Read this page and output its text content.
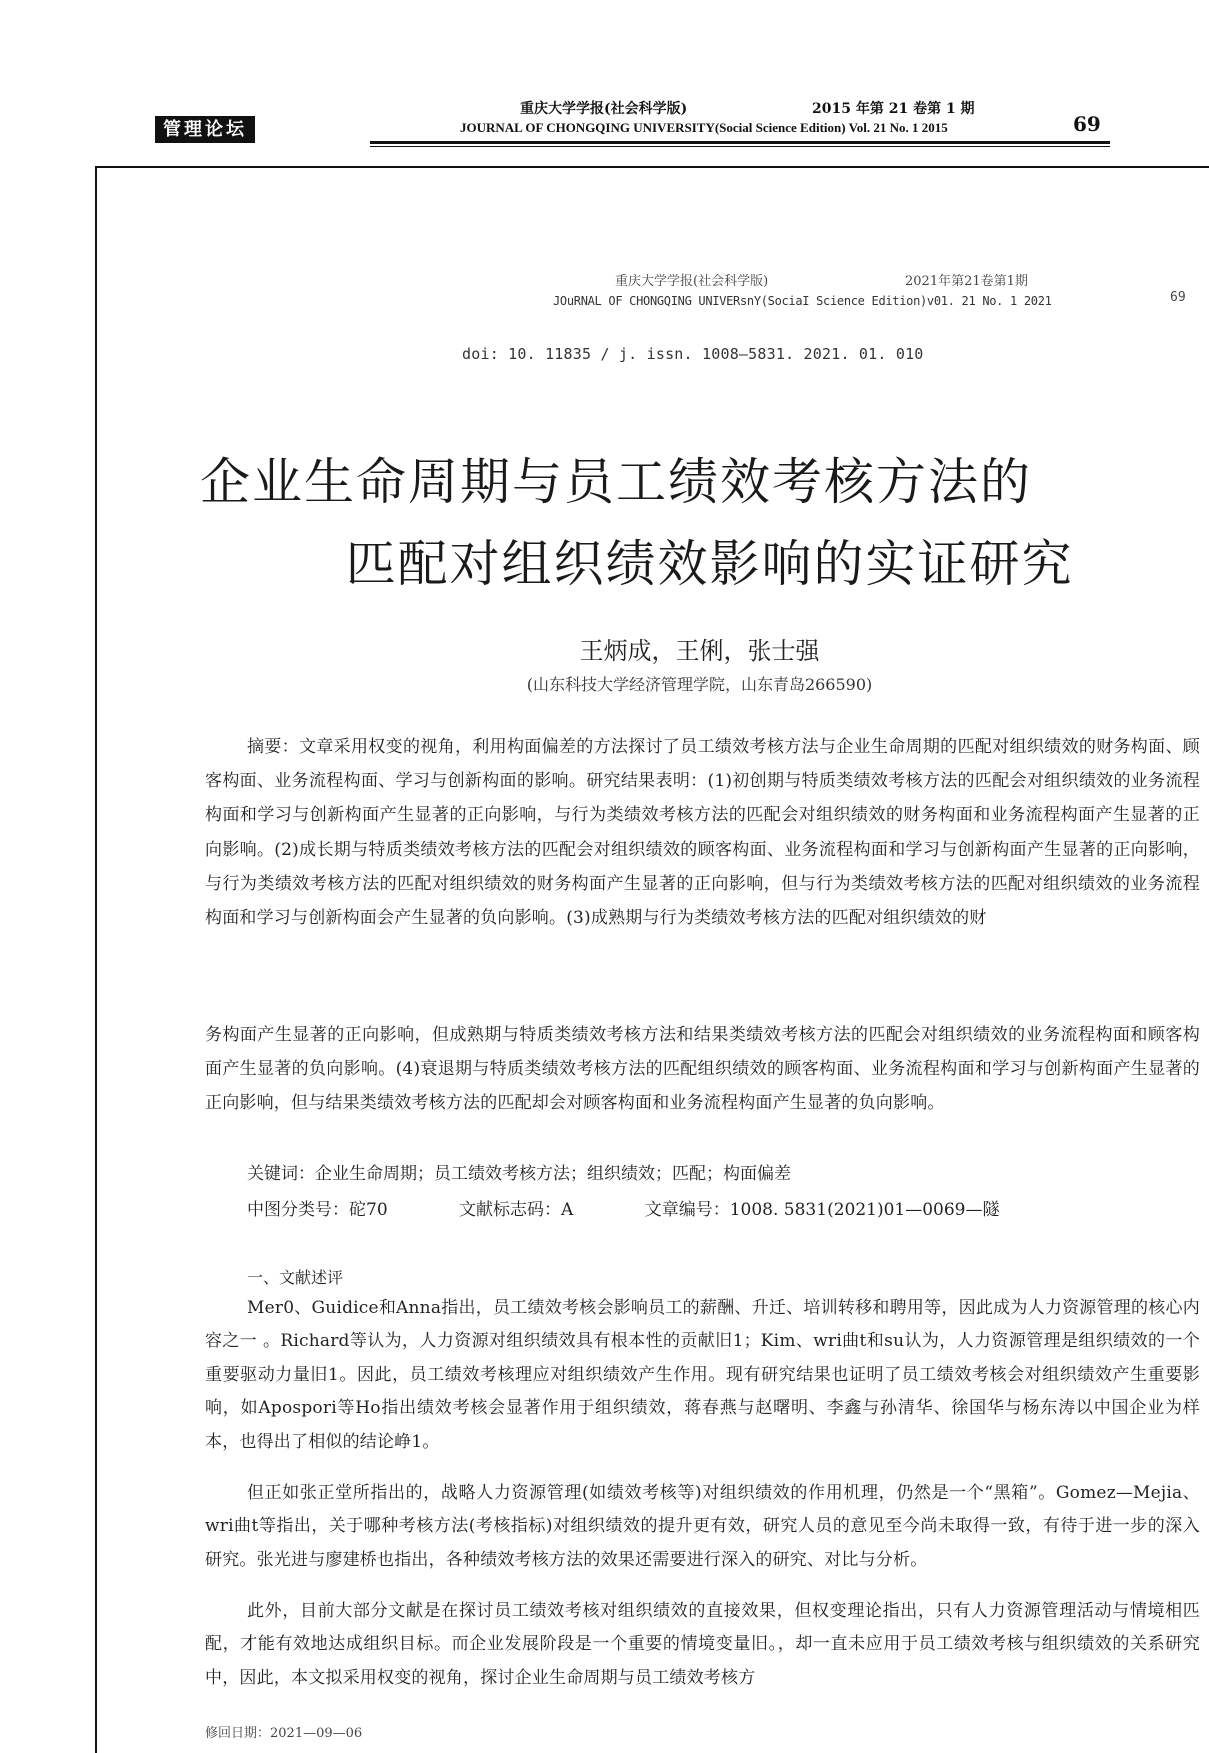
管理论坛
重庆大学学报(社会科学版)	2015 年第 21 卷第 1 期
JOURNAL OF CHONGQING UNIVERSITY(Social Science Edition) Vol. 21 No. 1 2015	69
重庆大学学报(社会科学版)	2021年第21卷第1期
JOuRNAL OF CHONGQING UNIVERsnY(SociaI Science Edition)v01. 21 No. 1 2021	69
doi: 10. 11835 / j. issn. 1008—5831. 2021. 01. 010
企业生命周期与员工绩效考核方法的
匹配对组织绩效影响的实证研究
王炳成，王俐，张士强
(山东科技大学经济管理学院，山东青岛266590)
摘要：文章采用权变的视角，利用构面偏差的方法探讨了员工绩效考核方法与企业生命周期的匹配对组织绩效的财务构面、顾客构面、业务流程构面、学习与创新构面的影响。研究结果表明：(1)初创期与特质类绩效考核方法的匹配会对组织绩效的业务流程构面和学习与创新构面产生显著的正向影响，与行为类绩效考核方法的匹配会对组织绩效的财务构面和业务流程构面产生显著的正向影响。(2)成长期与特质类绩效考核方法的匹配会对组织绩效的顾客构面、业务流程构面和学习与创新构面产生显著的正向影响，与行为类绩效考核方法的匹配对组织绩效的财务构面产生显著的正向影响，但与行为类绩效考核方法的匹配对组织绩效的业务流程构面和学习与创新构面会产生显著的负向影响。(3)成熟期与行为类绩效考核方法的匹配对组织绩效的财
务构面产生显著的正向影响，但成熟期与特质类绩效考核方法和结果类绩效考核方法的匹配会对组织绩效的业务流程构面和顾客构面产生显著的负向影响。(4)衰退期与特质类绩效考核方法的匹配组织绩效的顾客构面、业务流程构面和学习与创新构面产生显著的正向影响，但与结果类绩效考核方法的匹配却会对顾客构面和业务流程构面产生显著的负向影响。
关键词：企业生命周期；员工绩效考核方法；组织绩效；匹配；构面偏差
中图分类号：砣70	文献标志码：A	文章编号：1008. 5831(2021)01—0069—隧
一、文献述评
Mer0、Guidice和Anna指出，员工绩效考核会影响员工的薪酬、升迁、培训转移和聘用等，因此成为人力资源管理的核心内容之一 。Richard等认为，人力资源对组织绩效具有根本性的贡献旧1；Kim、wri曲t和su认为，人力资源管理是组织绩效的一个重要驱动力量旧1。因此，员工绩效考核理应对组织绩效产生作用。现有研究结果也证明了员工绩效考核会对组织绩效产生重要影响，如Apospori等Ho指出绩效考核会显著作用于组织绩效，蒋春燕与赵曙明、李鑫与孙清华、徐国华与杨东涛以中国企业为样本，也得出了相似的结论峥1。
但正如张正堂所指出的，战略人力资源管理(如绩效考核等)对组织绩效的作用机理，仍然是一个“黑箱”。Gomez—Mejia、wri曲t等指出，关于哪种考核方法(考核指标)对组织绩效的提升更有效，研究人员的意见至今尚未取得一致，有待于进一步的深入研究。张光进与廖建桥也指出，各种绩效考核方法的效果还需要进行深入的研究、对比与分析。
此外，目前大部分文献是在探讨员工绩效考核对组织绩效的直接效果，但权变理论指出，只有人力资源管理活动与情境相匹配，才能有效地达成组织目标。而企业发展阶段是一个重要的情境变量旧。，却一直未应用于员工绩效考核与组织绩效的关系研究中，因此，本文拟采用权变的视角，探讨企业生命周期与员工绩效考核方
修回日期：2021—09—06
